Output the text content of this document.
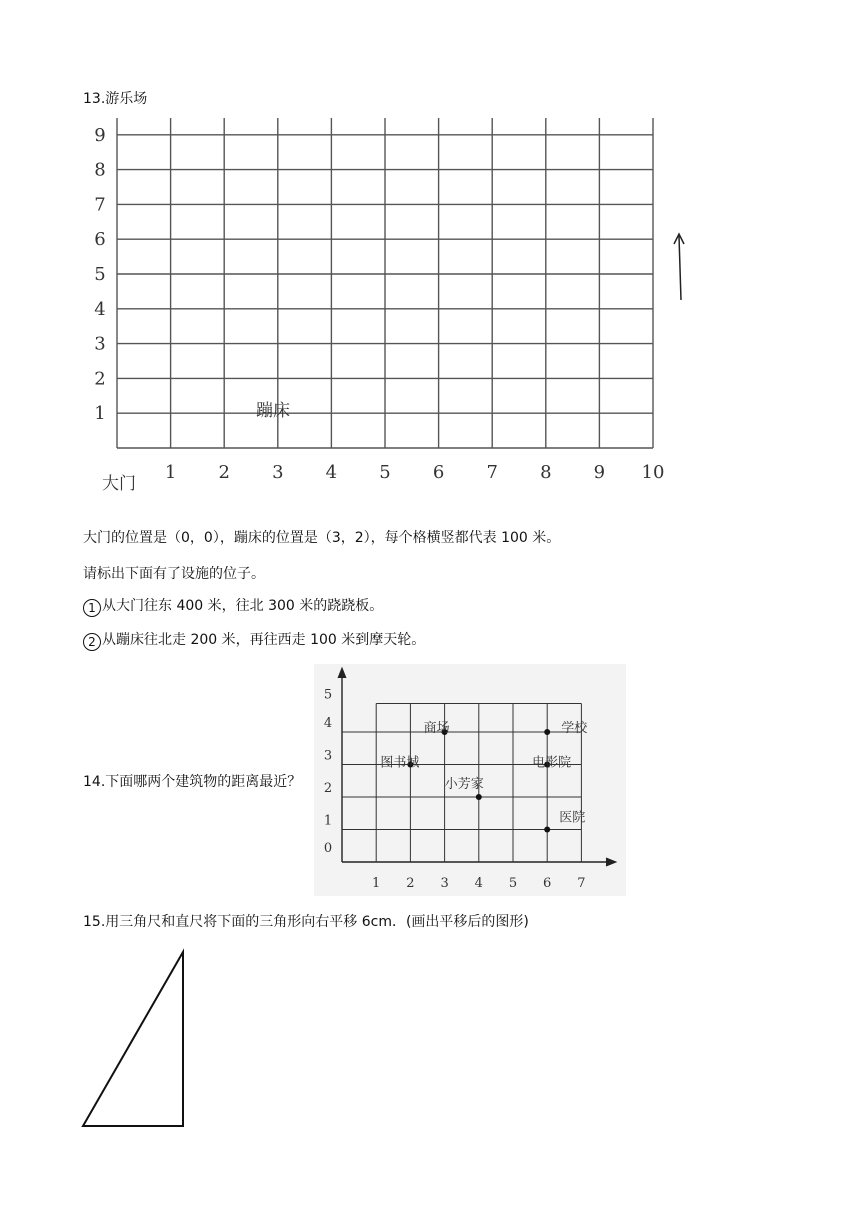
13.游乐场
1 2 3 4 5 6 7 8 9 10
1
2
3
4
5
6
7
8
9
大门
蹦床
大门的位置是（0，0），蹦床的位置是（3，2），每个格横竖都代表 100 米。
请标出下面有了设施的位子。
1 从大门往东 400 米，往北 300 米的跷跷板。
2 从蹦床往北走 200 米，再往西走 100 米到摩天轮。
14.下面哪两个建筑物的距离最近？
1 2 3 4 5 6 7
0
1
2
3
4
5
商场	学校
图书城	电影院
小芳家
医院
15.用三角尺和直尺将下面的三角形向右平移 6cm．(画出平移后的图形)
